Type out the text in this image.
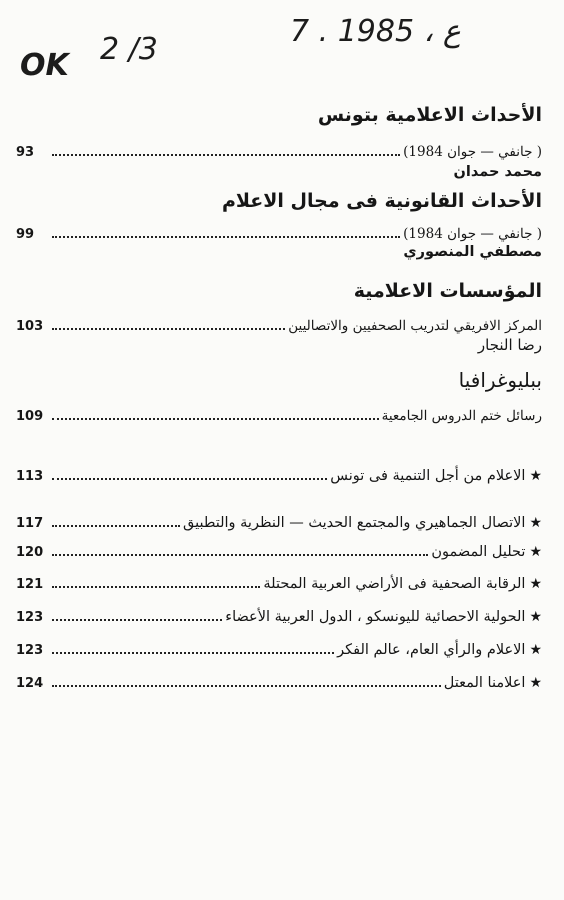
OK 2 /3
7 . ع ، 1985
الأحداث الاعلامية بتونس
( جانفي — جوان 1984)
93
محمد حمدان
الأحداث القانونية فى مجال الاعلام
( جانفي — جوان 1984)
99
مصطفي المنصوري
المؤسسات الاعلامية
المركز الافريقي لتدريب الصحفيين والاتصاليين
103
رضا النجار
ببليوغرافيا
رسائل ختم الدروس الجامعية
109
★الاعلام من أجل التنمية فى تونس
113
★الاتصال الجماهيري والمجتمع الحديث — النظرية والتطبيق
117
★تحليل المضمون
120
★الرقابة الصحفية فى الأراضي العربية المحتلة
121
★الحولية الاحصائية لليونسكو ، الدول العربية الأعضاء
123
★الاعلام والرأي العام، عالم الفكر
123
★اعلامنا المعتل
124
